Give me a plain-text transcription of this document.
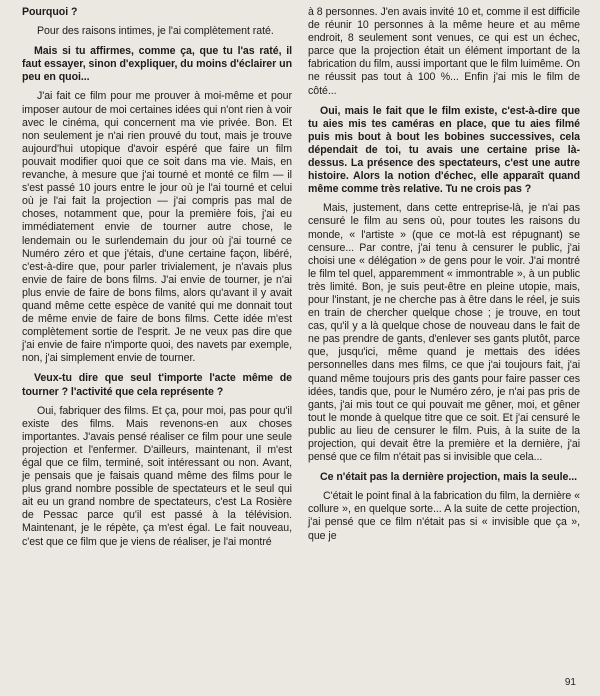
Pourquoi ?

Pour des raisons intimes, je l'ai complètement raté.

Mais si tu affirmes, comme ça, que tu l'as raté, il faut essayer, sinon d'expliquer, du moins d'éclairer un peu en quoi...

J'ai fait ce film pour me prouver à moi-même et pour imposer autour de moi certaines idées qui n'ont rien à voir avec le cinéma, qui concernent ma vie privée. Bon. Et non seulement je n'ai rien prouvé du tout, mais je trouve aujourd'hui utopique d'avoir espéré que faire un film pouvait modifier quoi que ce soit dans ma vie. Mais, en revanche, à mesure que j'ai tourné et monté ce film — il s'est passé 10 jours entre le jour où je l'ai tourné et celui où je l'ai fait la projection — j'ai compris pas mal de choses, notamment que, pour la première fois, j'ai eu immédiatement envie de tourner autre chose, le lendemain ou le surlendemain du jour où j'ai tourné ce Numéro zéro et que j'étais, d'une certaine façon, libéré, c'est-à-dire que, pour parler trivialement, je n'avais plus envie de faire de bons films. J'ai envie de tourner, je n'ai plus envie de faire de bons films, alors qu'avant il y avait quand même cette espèce de vanité qui me donnait tout de même envie de faire de bons films. Cette idée m'est complètement sortie de l'esprit. Je ne veux pas dire que j'ai envie de faire n'importe quoi, des navets par exemple, non, j'ai simplement envie de tourner.

Veux-tu dire que seul t'importe l'acte même de tourner ? l'activité que cela représente ?

Oui, fabriquer des films. Et ça, pour moi, pas pour qu'il existe des films. Mais revenons-en aux choses importantes. J'avais pensé réaliser ce film pour une seule projection et l'enfermer. D'ailleurs, maintenant, il m'est égal que ce film, terminé, soit intéressant ou non. Avant, je pensais que je faisais quand même des films pour le plus grand nombre possible de spectateurs et le seul qui ait eu un grand nombre de spectateurs, c'est La Rosière de Pessac parce qu'il est passé à la télévision. Maintenant, je le répète, ça m'est égal. Le fait nouveau, c'est que ce film que je viens de réaliser, je l'ai montré

à 8 personnes. J'en avais invité 10 et, comme il est difficile de réunir 10 personnes à la même heure et au même endroit, 8 seulement sont venues, ce qui est un échec, parce que la projection était un élément important de la fabrication du film, aussi important que le film luimême. On ne réussit pas tout à 100 %... Enfin j'ai mis le film de côté...

Oui, mais le fait que le film existe, c'est-à-dire que tu aies mis tes caméras en place, que tu aies filmé puis mis bout à bout les bobines successives, cela dépendait de toi, tu avais une certaine prise là-dessus. La présence des spectateurs, c'est une autre histoire. Alors la notion d'échec, elle apparaît quand même comme très relative. Tu ne crois pas ?

Mais, justement, dans cette entreprise-là, je n'ai pas censuré le film au sens où, pour toutes les raisons du monde, « l'artiste » (que ce mot-là est répugnant) se censure... Par contre, j'ai tenu à censurer le public, j'ai choisi une « délégation » de gens pour le voir. J'ai montré le film tel quel, apparemment « immontrable », à un public très limité. Bon, je suis peut-être en pleine utopie, mais, pour l'instant, je ne cherche pas à être dans le réel, je suis en train de chercher quelque chose ; je trouve, en tout cas, qu'il y a là quelque chose de nouveau dans le fait de ne pas prendre de gants, d'enlever ses gants plutôt, parce que, jusqu'ici, même quand je mettais des idées personnelles dans mes films, ce que j'ai toujours fait, j'ai quand même toujours pris des gants pour faire passer ces idées, tandis que, pour le Numéro zéro, je n'ai pas pris de gants, j'ai mis tout ce qui pouvait me gêner, moi, et gêner tout le monde à quelque titre que ce soit. Et j'ai censuré le public au lieu de censurer le film. Puis, à la suite de la projection, qui devait être la première et la dernière, j'ai pensé que ce film n'était pas si invisible que cela...

Ce n'était pas la dernière projection, mais la seule...

C'était le point final à la fabrication du film, la dernière « collure », en quelque sorte... A la suite de cette projection, j'ai pensé que ce film n'était pas si « invisible que ça », que je

91
